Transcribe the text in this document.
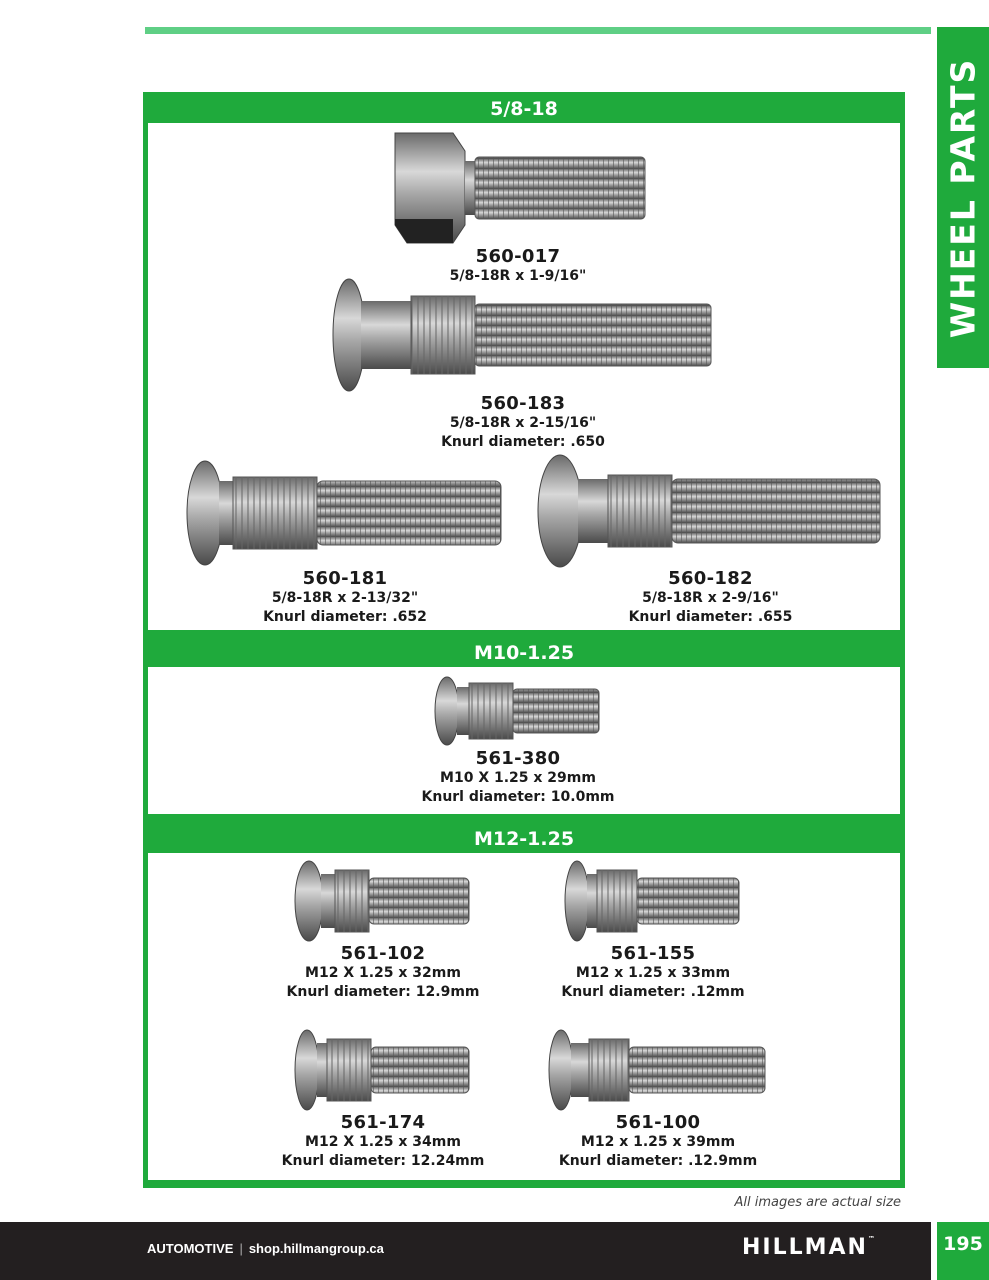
WHEEL PARTS
5/8-18
560-017
5/8-18R x 1-9/16"
560-183
5/8-18R x 2-15/16"
Knurl diameter: .650
560-181
5/8-18R x 2-13/32"
Knurl diameter: .652
560-182
5/8-18R x 2-9/16"
Knurl diameter: .655
M10-1.25
561-380
M10 X 1.25 x 29mm
Knurl diameter: 10.0mm
M12-1.25
561-102
M12 X 1.25 x 32mm
Knurl diameter: 12.9mm
561-155
M12 x 1.25 x 33mm
Knurl diameter: .12mm
561-174
M12 X 1.25 x 34mm
Knurl diameter: 12.24mm
561-100
M12 x 1.25 x 39mm
Knurl diameter: .12.9mm
All images are actual size
AUTOMOTIVE | shop.hillmangroup.ca	HILLMAN™	195
